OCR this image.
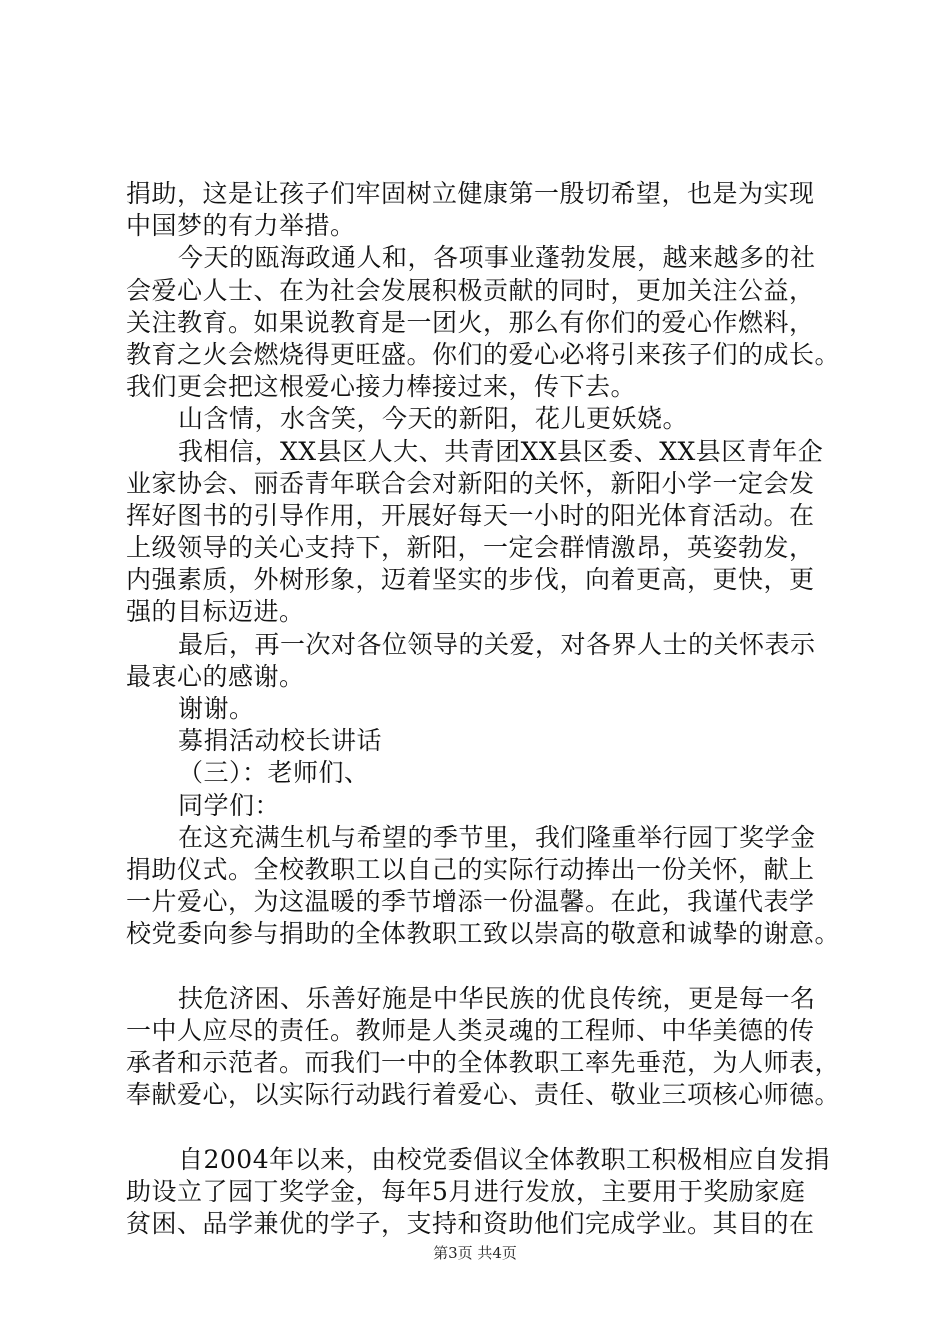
捐助，这是让孩子们牢固树立健康第一殷切希望，也是为实现
中国梦的有力举措。
今天的瓯海政通人和，各项事业蓬勃发展，越来越多的社
会爱心人士、在为社会发展积极贡献的同时，更加关注公益，
关注教育。如果说教育是一团火，那么有你们的爱心作燃料，
教育之火会燃烧得更旺盛。你们的爱心必将引来孩子们的成长。
我们更会把这根爱心接力棒接过来，传下去。
山含情，水含笑，今天的新阳，花儿更妖娆。
我相信，XX县区人大、共青团XX县区委、XX县区青年企
业家协会、丽岙青年联合会对新阳的关怀，新阳小学一定会发
挥好图书的引导作用，开展好每天一小时的阳光体育活动。在
上级领导的关心支持下，新阳，一定会群情激昂，英姿勃发，
内强素质，外树形象，迈着坚实的步伐，向着更高，更快，更
强的目标迈进。
最后，再一次对各位领导的关爱，对各界人士的关怀表示
最衷心的感谢。
谢谢。
募捐活动校长讲话
（三）：老师们、
同学们：
在这充满生机与希望的季节里，我们隆重举行园丁奖学金
捐助仪式。全校教职工以自己的实际行动捧出一份关怀，献上
一片爱心，为这温暖的季节增添一份温馨。在此，我谨代表学
校党委向参与捐助的全体教职工致以崇高的敬意和诚挚的谢意。
扶危济困、乐善好施是中华民族的优良传统，更是每一名
一中人应尽的责任。教师是人类灵魂的工程师、中华美德的传
承者和示范者。而我们一中的全体教职工率先垂范，为人师表，
奉献爱心，以实际行动践行着爱心、责任、敬业三项核心师德。
自2004年以来，由校党委倡议全体教职工积极相应自发捐
助设立了园丁奖学金，每年5月进行发放，主要用于奖励家庭
贫困、品学兼优的学子，支持和资助他们完成学业。其目的在
第3页 共4页
